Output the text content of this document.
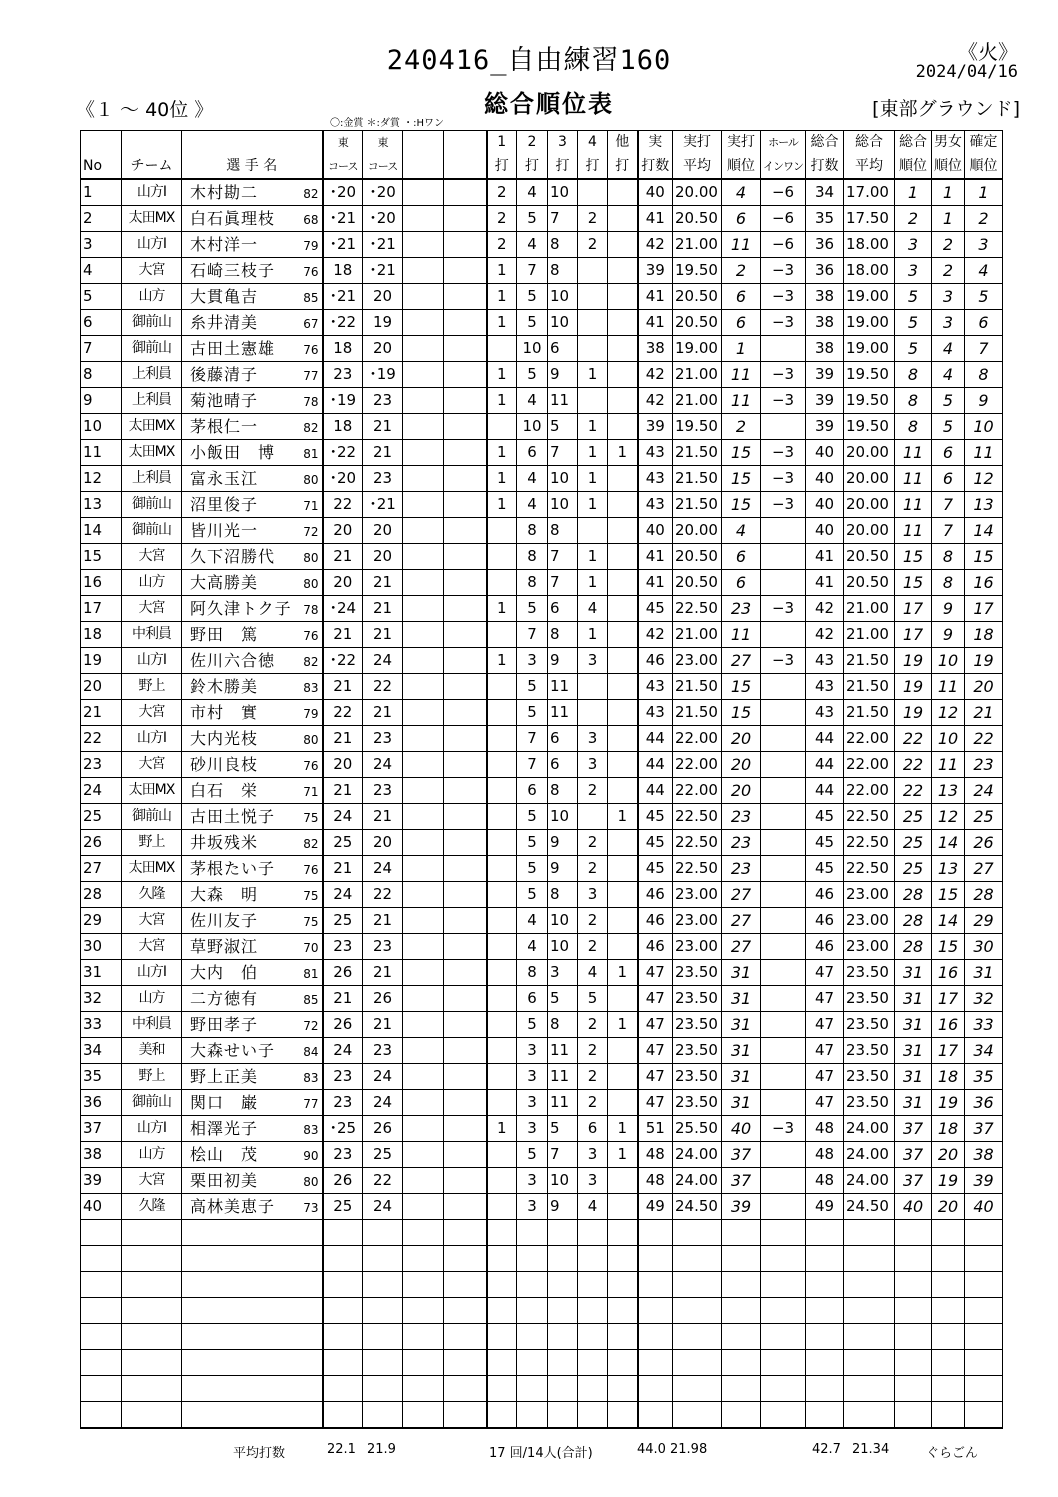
240416_自由練習160	《火》
2024/04/16
総合順位表
《１ ～ 40位 》	[東部グラウンド]
〇:金賞 ＊:ダ賞 ・:Hワン
			東	東			1	2	3	4	他	実	実打	実打	ホール	総合	総合	総合	男女	確定
No	チーム	選 手 名	コース	コース			打	打	打	打	打	打数	平均	順位	インワン	打数	平均	順位	順位	順位
1	山方Ⅰ	木村勘二 82	･20	･20			2	4	10			40	20.00	4	−6	34	17.00	1	1	1
2	太田MX	白石眞理枝 68	･21	･20			2	5	7	2		41	20.50	6	−6	35	17.50	2	1	2
3	山方Ⅰ	木村洋一 79	･21	･21			2	4	8	2		42	21.00	11	−6	36	18.00	3	2	3
4	大宮	石崎三枝子 76	18	･21			1	7	8			39	19.50	2	−3	36	18.00	3	2	4
5	山方	大貫亀吉 85	･21	20			1	5	10			41	20.50	6	−3	38	19.00	5	3	5
6	御前山	糸井清美 67	･22	19			1	5	10			41	20.50	6	−3	38	19.00	5	3	6
7	御前山	古田土憲雄 76	18	20				10	6			38	19.00	1		38	19.00	5	4	7
8	上利員	後藤清子 77	23	･19			1	5	9	1		42	21.00	11	−3	39	19.50	8	4	8
9	上利員	菊池晴子 78	･19	23			1	4	11			42	21.00	11	−3	39	19.50	8	5	9
10	太田MX	茅根仁一 82	18	21				10	5	1		39	19.50	2		39	19.50	8	5	10
11	太田MX	小飯田　博 81	･22	21			1	6	7	1	1	43	21.50	15	−3	40	20.00	11	6	11
12	上利員	富永玉江 80	･20	23			1	4	10	1		43	21.50	15	−3	40	20.00	11	6	12
13	御前山	沼里俊子 71	22	･21			1	4	10	1		43	21.50	15	−3	40	20.00	11	7	13
14	御前山	皆川光一 72	20	20				8	8			40	20.00	4		40	20.00	11	7	14
15	大宮	久下沼勝代 80	21	20				8	7	1		41	20.50	6		41	20.50	15	8	15
16	山方	大高勝美 80	20	21				8	7	1		41	20.50	6		41	20.50	15	8	16
17	大宮	阿久津トク子 78	･24	21			1	5	6	4		45	22.50	23	−3	42	21.00	17	9	17
18	中利員	野田　篤 76	21	21				7	8	1		42	21.00	11		42	21.00	17	9	18
19	山方Ⅰ	佐川六合徳 82	･22	24			1	3	9	3		46	23.00	27	−3	43	21.50	19	10	19
20	野上	鈴木勝美 83	21	22				5	11			43	21.50	15		43	21.50	19	11	20
21	大宮	市村　實 79	22	21				5	11			43	21.50	15		43	21.50	19	12	21
22	山方Ⅰ	大内光枝 80	21	23				7	6	3		44	22.00	20		44	22.00	22	10	22
23	大宮	砂川良枝 76	20	24				7	6	3		44	22.00	20		44	22.00	22	11	23
24	太田MX	白石　栄 71	21	23				6	8	2		44	22.00	20		44	22.00	22	13	24
25	御前山	古田土悦子 75	24	21				5	10		1	45	22.50	23		45	22.50	25	12	25
26	野上	井坂残米 82	25	20				5	9	2		45	22.50	23		45	22.50	25	14	26
27	太田MX	茅根たい子 76	21	24				5	9	2		45	22.50	23		45	22.50	25	13	27
28	久隆	大森　明 75	24	22				5	8	3		46	23.00	27		46	23.00	28	15	28
29	大宮	佐川友子 75	25	21				4	10	2		46	23.00	27		46	23.00	28	14	29
30	大宮	草野淑江 70	23	23				4	10	2		46	23.00	27		46	23.00	28	15	30
31	山方Ⅰ	大内　伯 81	26	21				8	3	4	1	47	23.50	31		47	23.50	31	16	31
32	山方	二方徳有 85	21	26				6	5	5		47	23.50	31		47	23.50	31	17	32
33	中利員	野田孝子 72	26	21				5	8	2	1	47	23.50	31		47	23.50	31	16	33
34	美和	大森せい子 84	24	23				3	11	2		47	23.50	31		47	23.50	31	17	34
35	野上	野上正美 83	23	24				3	11	2		47	23.50	31		47	23.50	31	18	35
36	御前山	関口　巌 77	23	24				3	11	2		47	23.50	31		47	23.50	31	19	36
37	山方Ⅰ	相澤光子 83	･25	26			1	3	5	6	1	51	25.50	40	−3	48	24.00	37	18	37
38	山方	桧山　茂 90	23	25				5	7	3	1	48	24.00	37		48	24.00	37	20	38
39	大宮	栗田初美 80	26	22				3	10	3		48	24.00	37		48	24.00	37	19	39
40	久隆	高林美恵子 73	25	24				3	9	4		49	24.50	39		49	24.50	40	20	40

平均打数	22.1 21.9	17 回/14人(合計)	44.0 21.98	42.7 21.34	ぐらごん
